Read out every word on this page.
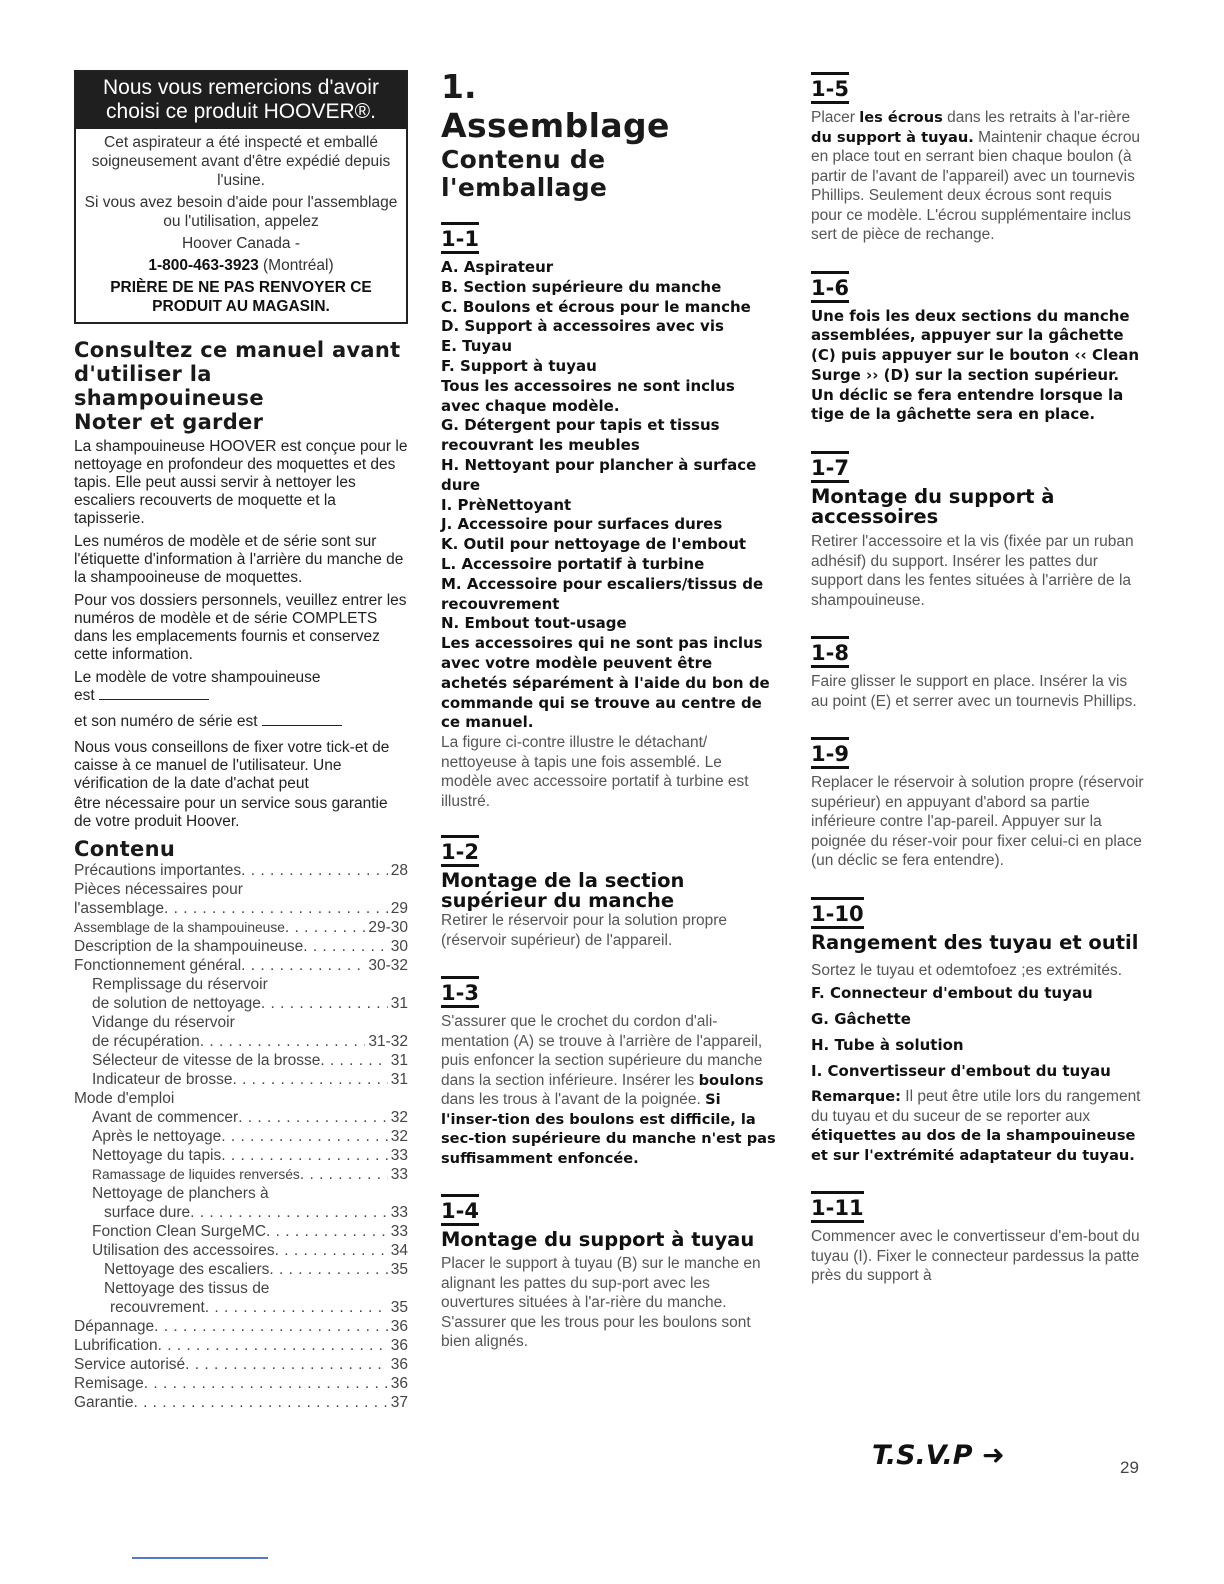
Nous vous remercions d'avoir choisi ce produit HOOVER®.

Cet aspirateur a été inspecté et emballé soigneusement avant d'être expédié depuis l'usine.

Si vous avez besoin d'aide pour l'assemblage ou l'utilisation, appelez

Hoover Canada -

1-800-463-3923 (Montréal)

PRIÈRE DE NE PAS RENVOYER CE PRODUIT AU MAGASIN.

Consultez ce manuel avant d'utiliser la shampouineuse
Noter et garder

La shampouineuse HOOVER est conçue pour le nettoyage en profondeur des moquettes et des tapis. Elle peut aussi servir à nettoyer les escaliers recouverts de moquette et la tapisserie.

Les numéros de modèle et de série sont sur l'étiquette d'information à l'arrière du manche de la shampooineuse de moquettes.

Pour vos dossiers personnels, veuillez entrer les numéros de modèle et de série COMPLETS dans les emplacements fournis et conservez cette information.

Le modèle de votre shampouineuse
est

et son numéro de série est

Nous vous conseillons de fixer votre tick-et de caisse à ce manuel de l'utilisateur. Une vérification de la date d'achat peut

être nécessaire pour un service sous garantie de votre produit Hoover.

Contenu
Précautions importantes . . .	28
Pièces nécessaires pour
l'assemblage . . .	29
Assemblage de la shampouineuse . . .	29-30
Description de la shampouineuse . . .	30
Fonctionnement général . . .	30-32
Remplissage du réservoir
de solution de nettoyage . . .	31
Vidange du réservoir
de récupération . . .	31-32
Sélecteur de vitesse de la brosse . . .	31
Indicateur de brosse . . .	31
Mode d'emploi
Avant de commencer . . .	32
Après le nettoyage . . .	32
Nettoyage du tapis . . .	33
Ramassage de liquides renversés . . .	33
Nettoyage de planchers à
surface dure . . .	33
Fonction Clean SurgeMC . . .	33
Utilisation des accessoires . . .	34
Nettoyage des escaliers . . .	35
Nettoyage des tissus de
recouvrement . . .	35
Dépannage . . .	36
Lubrification . . .	36
Service autorisé . . .	36
Remisage . . .	36
Garantie . . .	37
1.
Assemblage
Contenu de l'emballage
1-1
A. Aspirateur
B. Section supérieure du manche
C. Boulons et écrous pour le manche
D. Support à accessoires avec vis
E. Tuyau
F. Support à tuyau
Tous les accessoires ne sont inclus avec chaque modèle.
G. Détergent pour tapis et tissus recouvrant les meubles
H. Nettoyant pour plancher à surface dure
I. PrèNettoyant
J. Accessoire pour surfaces dures
K. Outil pour nettoyage de l'embout
L. Accessoire portatif à turbine
M. Accessoire pour escaliers/tissus de recouvrement
N. Embout tout-usage
Les accessoires qui ne sont pas inclus avec votre modèle peuvent être achetés séparément à l'aide du bon de commande qui se trouve au centre de ce manuel.
La figure ci-contre illustre le détachant/ nettoyeuse à tapis une fois assemblé. Le modèle avec accessoire portatif à turbine est illustré.
1-2
Montage de la section supérieur du manche
Retirer le réservoir pour la solution propre (réservoir supérieur) de l'appareil.
1-3
S'assurer que le crochet du cordon d'ali-mentation (A) se trouve à l'arrière de l'appareil, puis enfoncer la section supérieure du manche dans la section inférieure. Insérer les boulons dans les trous à l'avant de la poignée. Si l'inser-tion des boulons est difficile, la sec-tion supérieure du manche n'est pas suffisamment enfoncée.
1-4
Montage du support à tuyau
Placer le support à tuyau (B) sur le manche en alignant les pattes du sup-port avec les ouvertures situées à l'ar-rière du manche. S'assurer que les trous pour les boulons sont bien alignés.
1-5
Placer les écrous dans les retraits à l'ar-rière du support à tuyau. Maintenir chaque écrou en place tout en serrant bien chaque boulon (à partir de l'avant de l'appareil) avec un tournevis Phillips. Seulement deux écrous sont requis pour ce modèle. L'écrou supplémentaire inclus sert de pièce de rechange.
1-6
Une fois les deux sections du manche assemblées, appuyer sur la gâchette (C) puis appuyer sur le bouton ‹‹ Clean Surge ›› (D) sur la section supérieur. Un déclic se fera entendre lorsque la tige de la gâchette sera en place.
1-7
Montage du support à accessoires
Retirer l'accessoire et la vis (fixée par un ruban adhésif) du support. Insérer les pattes dur support dans les fentes situées à l'arrière de la shampouineuse.
1-8
Faire glisser le support en place. Insérer la vis au point (E) et serrer avec un tournevis Phillips.
1-9
Replacer le réservoir à solution propre (réservoir supérieur) en appuyant d'abord sa partie inférieure contre l'ap-pareil. Appuyer sur la poignée du réser-voir pour fixer celui-ci en place (un déclic se fera entendre).
1-10
Rangement des tuyau et outil
Sortez le tuyau et odemtofoez ;es extrémités.
F. Connecteur d'embout du tuyau
G. Gâchette
H. Tube à solution
I. Convertisseur d'embout du tuyau
Remarque: Il peut être utile lors du rangement du tuyau et du suceur de se reporter aux étiquettes au dos de la shampouineuse et sur l'extrémité adaptateur du tuyau.
1-11
Commencer avec le convertisseur d'em-bout du tuyau (I). Fixer le connecteur pardessus la patte près du support à
T.S.V.P ➜	29
